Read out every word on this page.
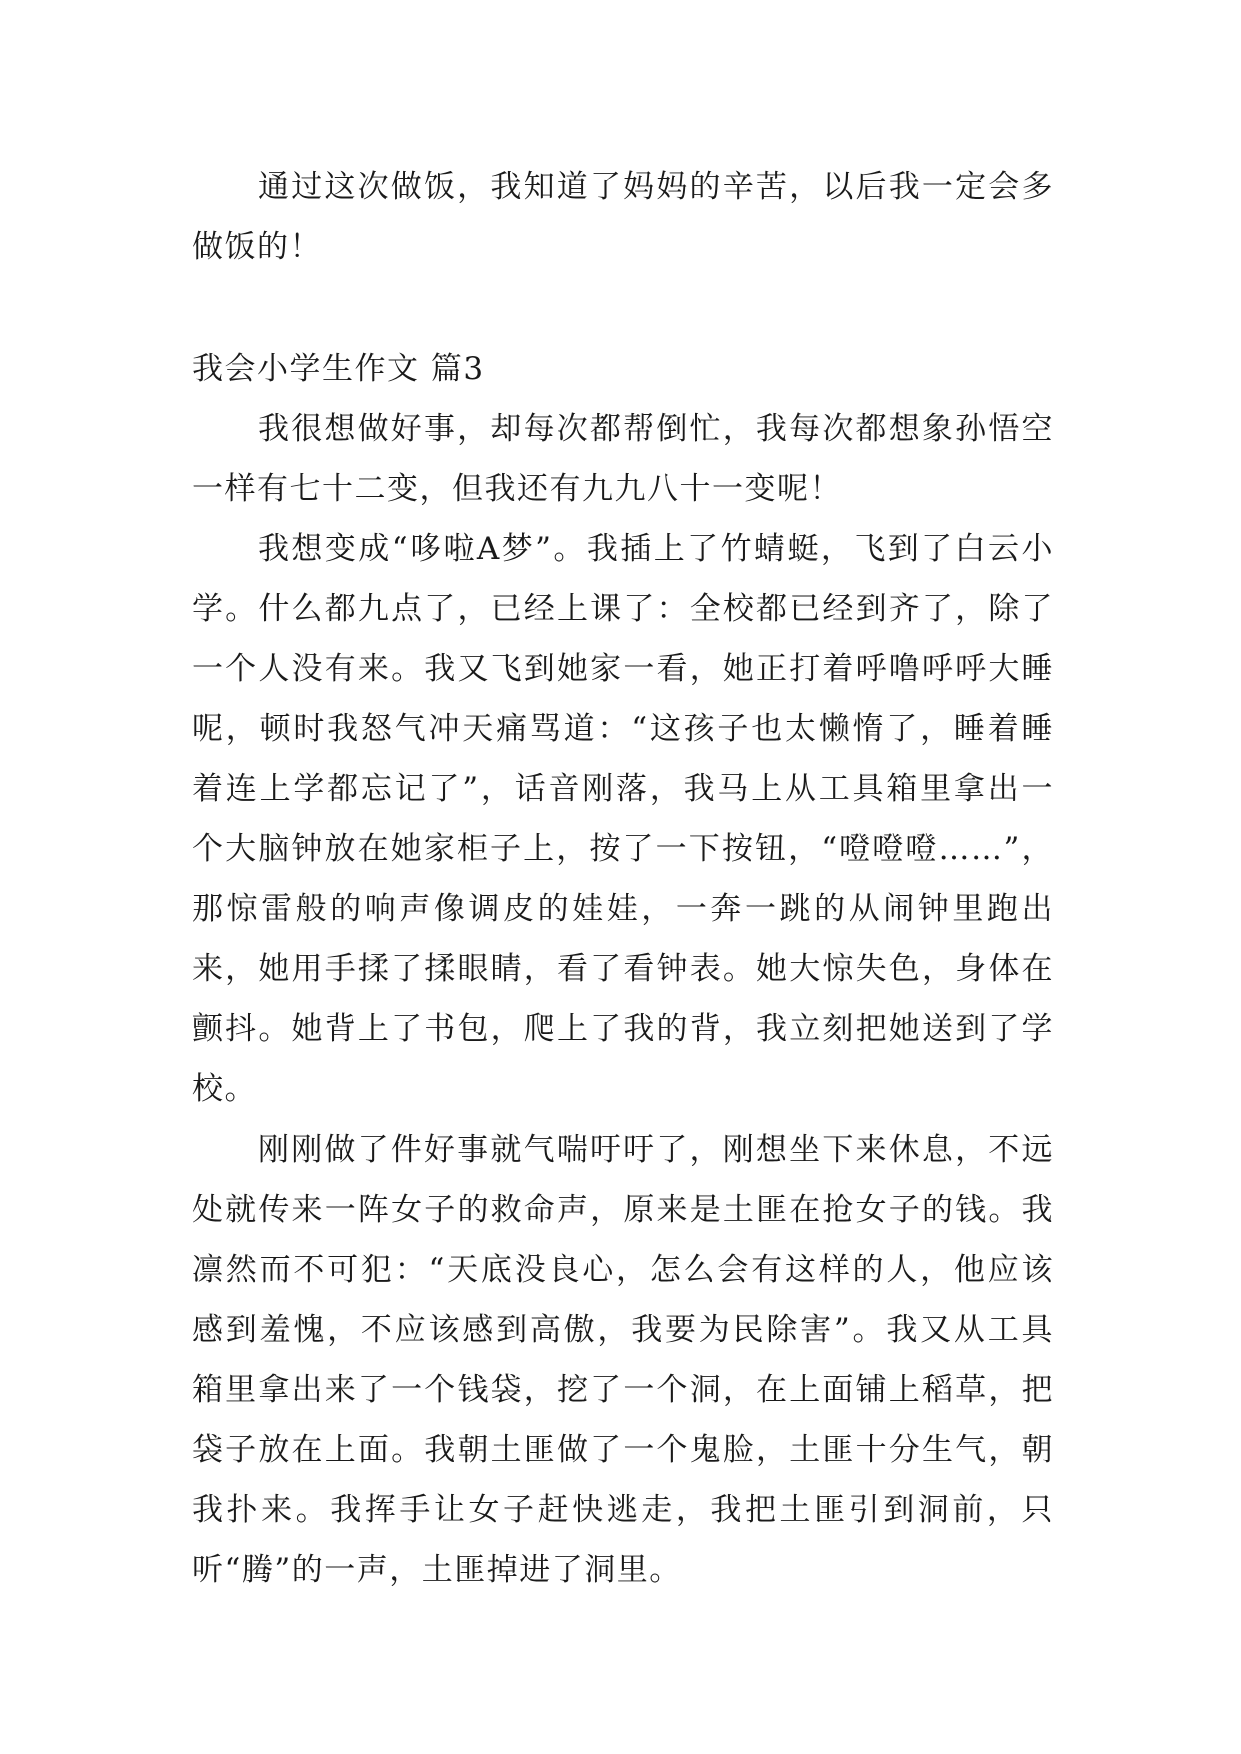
通过这次做饭，我知道了妈妈的辛苦，以后我一定会多做饭的！

我会小学生作文 篇3

我很想做好事，却每次都帮倒忙，我每次都想象孙悟空一样有七十二变，但我还有九九八十一变呢！

我想变成“哆啦A梦”。我插上了竹蜻蜓，飞到了白云小学。什么都九点了，已经上课了：全校都已经到齐了，除了一个人没有来。我又飞到她家一看，她正打着呼噜呼呼大睡呢，顿时我怒气冲天痛骂道：“这孩子也太懒惰了，睡着睡着连上学都忘记了”，话音刚落，我马上从工具箱里拿出一个大脑钟放在她家柜子上，按了一下按钮，“噔噔噔……”，那惊雷般的响声像调皮的娃娃，一奔一跳的从闹钟里跑出来，她用手揉了揉眼睛，看了看钟表。她大惊失色，身体在颤抖。她背上了书包，爬上了我的背，我立刻把她送到了学校。

刚刚做了件好事就气喘吁吁了，刚想坐下来休息，不远处就传来一阵女子的救命声，原来是土匪在抢女子的钱。我凛然而不可犯：“天底没良心，怎么会有这样的人，他应该感到羞愧，不应该感到高傲，我要为民除害”。我又从工具箱里拿出来了一个钱袋，挖了一个洞，在上面铺上稻草，把袋子放在上面。我朝土匪做了一个鬼脸，土匪十分生气，朝我扑来。我挥手让女子赶快逃走，我把土匪引到洞前，只听“腾”的一声，土匪掉进了洞里。
